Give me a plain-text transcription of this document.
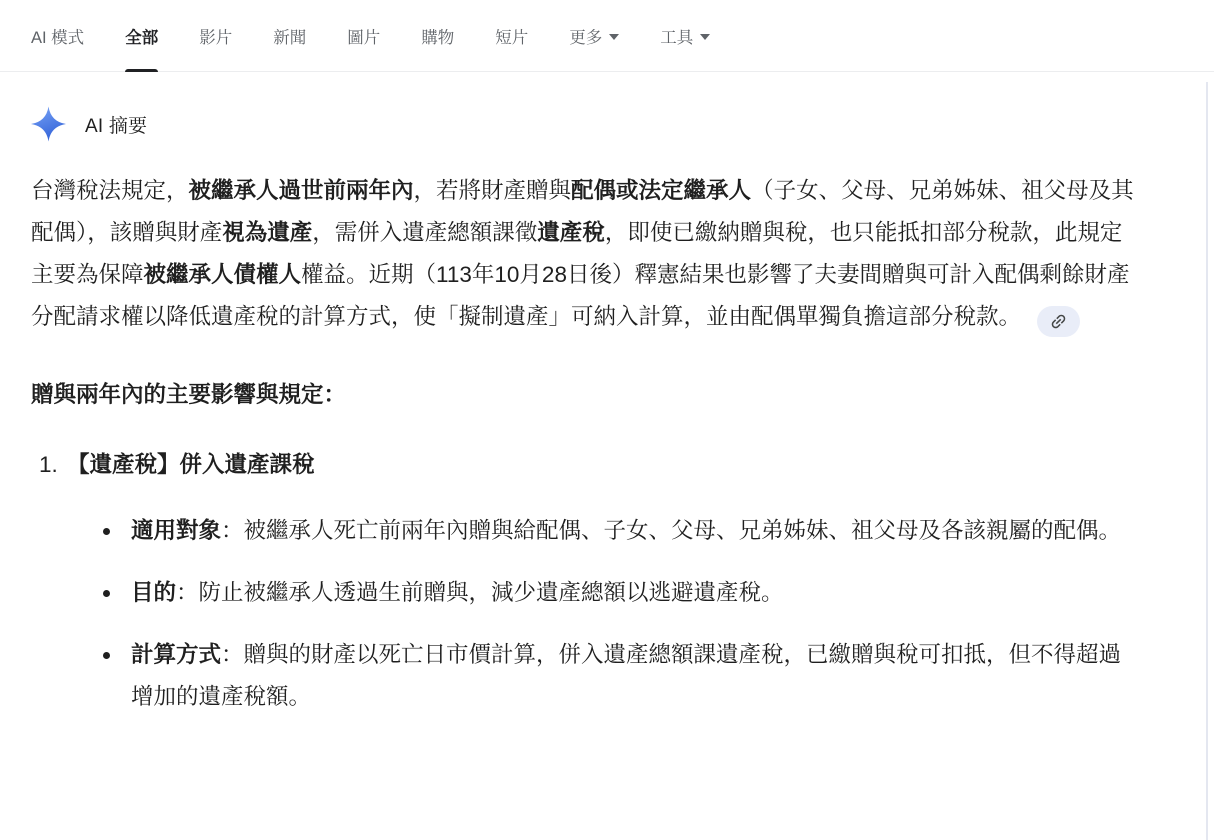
AI 模式 全部 影片 新聞 圖片 購物 短片 更多	工具
AI 摘要

台灣稅法規定，被繼承人過世前兩年內，若將財產贈與配偶或法定繼承人（子女、父母、兄弟姊妹、祖父母及其配偶），該贈與財產視為遺產，需併入遺產總額課徵遺產稅，即使已繳納贈與稅，也只能抵扣部分稅款，此規定主要為保障被繼承人債權人權益。近期（113年10月28日後）釋憲結果也影響了夫妻間贈與可計入配偶剩餘財產分配請求權以降低遺產稅的計算方式，使「擬制遺產」可納入計算，並由配偶單獨負擔這部分稅款。

贈與兩年內的主要影響與規定：
1. 【遺產稅】併入遺產課稅
適用對象：被繼承人死亡前兩年內贈與給配偶、子女、父母、兄弟姊妹、祖父母及各該親屬的配偶。
目的：防止被繼承人透過生前贈與，減少遺產總額以逃避遺產稅。
計算方式：贈與的財產以死亡日市價計算，併入遺產總額課遺產稅，已繳贈與稅可扣抵，但不得超過增加的遺產稅額。
